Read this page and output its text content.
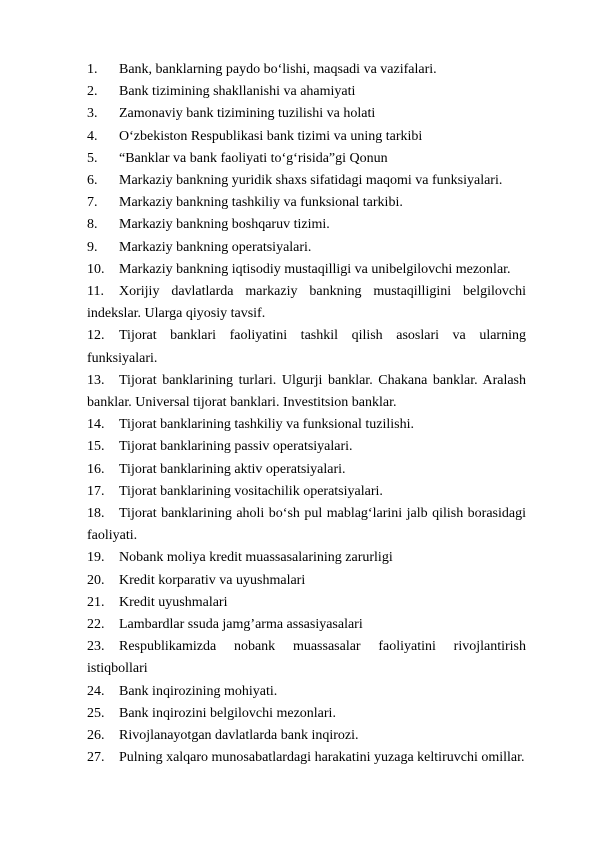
1. Bank, banklarning paydo bo‘lishi, maqsadi va vazifalari.
2. Bank tizimining shakllanishi va ahamiyati
3. Zamonaviy bank tizimining tuzilishi va holati
4. O‘zbekiston Respublikasi bank tizimi va uning tarkibi
5. “Banklar va bank faoliyati to‘g‘risida”gi Qonun
6. Markaziy bankning yuridik shaxs sifatidagi maqomi va funksiyalari.
7. Markaziy bankning tashkiliy va funksional tarkibi.
8. Markaziy bankning boshqaruv tizimi.
9. Markaziy bankning operatsiyalari.
10. Markaziy bankning iqtisodiy mustaqilligi va unibelgilovchi mezonlar.
11. Xorijiy davlatlarda markaziy bankning mustaqilligini belgilovchi indekslar. Ularga qiyosiy tavsif.
12. Tijorat banklari faoliyatini tashkil qilish asoslari va ularning funksiyalari.
13. Tijorat banklarining turlari. Ulgurji banklar. Chakana banklar. Aralash banklar. Universal tijorat banklari. Investitsion banklar.
14. Tijorat banklarining tashkiliy va funksional tuzilishi.
15. Tijorat banklarining passiv operatsiyalari.
16. Tijorat banklarining aktiv operatsiyalari.
17. Tijorat banklarining vositachilik operatsiyalari.
18. Tijorat banklarining aholi bo‘sh pul mablag‘larini jalb qilish borasidagi faoliyati.
19. Nobank moliya kredit muassasalarining zarurligi
20. Kredit korparativ va uyushmalari
21. Kredit uyushmalari
22. Lambardlar ssuda jamg’arma assasiyasalari
23. Respublikamizda nobank muassasalar faoliyatini rivojlantirish istiqbollari
24. Bank inqirozining mohiyati.
25. Bank inqirozini belgilovchi mezonlari.
26. Rivojlanayotgan davlatlarda bank inqirozi.
27. Pulning xalqaro munosabatlardagi harakatini yuzaga keltiruvchi omillar.
